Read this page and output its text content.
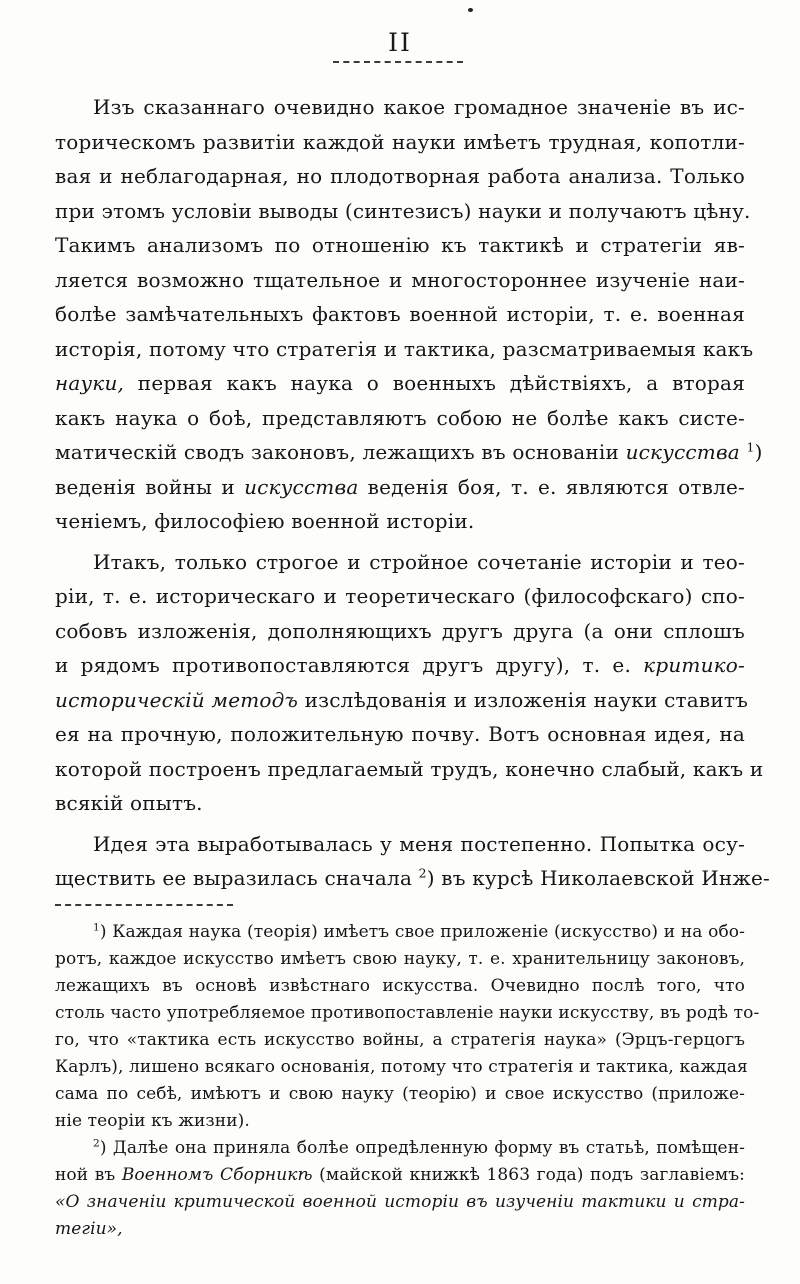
II
Изъ сказаннаго очевидно какое громадное значеніе въ ис-
торическомъ развитіи каждой науки имѣетъ трудная, копотли-
вая и неблагодарная, но плодотворная работа анализа. Только
при этомъ условіи выводы (синтезисъ) науки и получаютъ цѣну.
Такимъ анализомъ по отношенію къ тактикѣ и стратегіи яв-
ляется возможно тщательное и многостороннее изученіе наи-
болѣе замѣчательныхъ фактовъ военной исторіи, т. е. военная
исторія, потому что стратегія и тактика, разсматриваемыя какъ
науки, первая какъ наука о военныхъ дѣйствіяхъ, а вторая
какъ наука о боѣ, представляютъ собою не болѣе какъ систе-
матическій сводъ законовъ, лежащихъ въ основаніи искусства $^1$)
веденія войны и искусства веденія боя, т. е. являются отвле-
ченіемъ, философіею военной исторіи.
Итакъ, только строгое и стройное сочетаніе исторіи и тео-
ріи, т. е. историческаго и теоретическаго (философскаго) спо-
собовъ изложенія, дополняющихъ другъ друга (а они сплошъ
и рядомъ противопоставляются другъ другу), т. е. критико-
историческій методъ изслѣдованія и изложенія науки ставитъ
ея на прочную, положительную почву. Вотъ основная идея, на
которой построенъ предлагаемый трудъ, конечно слабый, какъ и
всякій опытъ.
Идея эта выработывалась у меня постепенно. Попытка осу-
ществить ее выразилась сначала $^2$) въ курсѣ Николаевской Инже-
$^1$) Каждая наука (теорія) имѣетъ свое приложеніе (искусство) и на обо-
ротъ, каждое искусство имѣетъ свою науку, т. е. хранительницу законовъ,
лежащихъ въ основѣ извѣстнаго искусства. Очевидно послѣ того, что
столь часто употребляемое противопоставленіе науки искусству, въ родѣ то-
го, что «тактика есть искусство войны, а стратегія наука» (Эрцъ-герцогъ
Карлъ), лишено всякаго основанія, потому что стратегія и тактика, каждая
сама по себѣ, имѣютъ и свою науку (теорію) и свое искусство (приложе-
ніе теоріи къ жизни).
$^2$) Далѣе она приняла болѣе опредѣленную форму въ статьѣ, помѣщен-
ной въ Военномъ Сборникѣ (майской книжкѣ 1863 года) подъ заглавіемъ:
«О значеніи критической военной исторіи въ изученіи тактики и стра-
тегіи»,
